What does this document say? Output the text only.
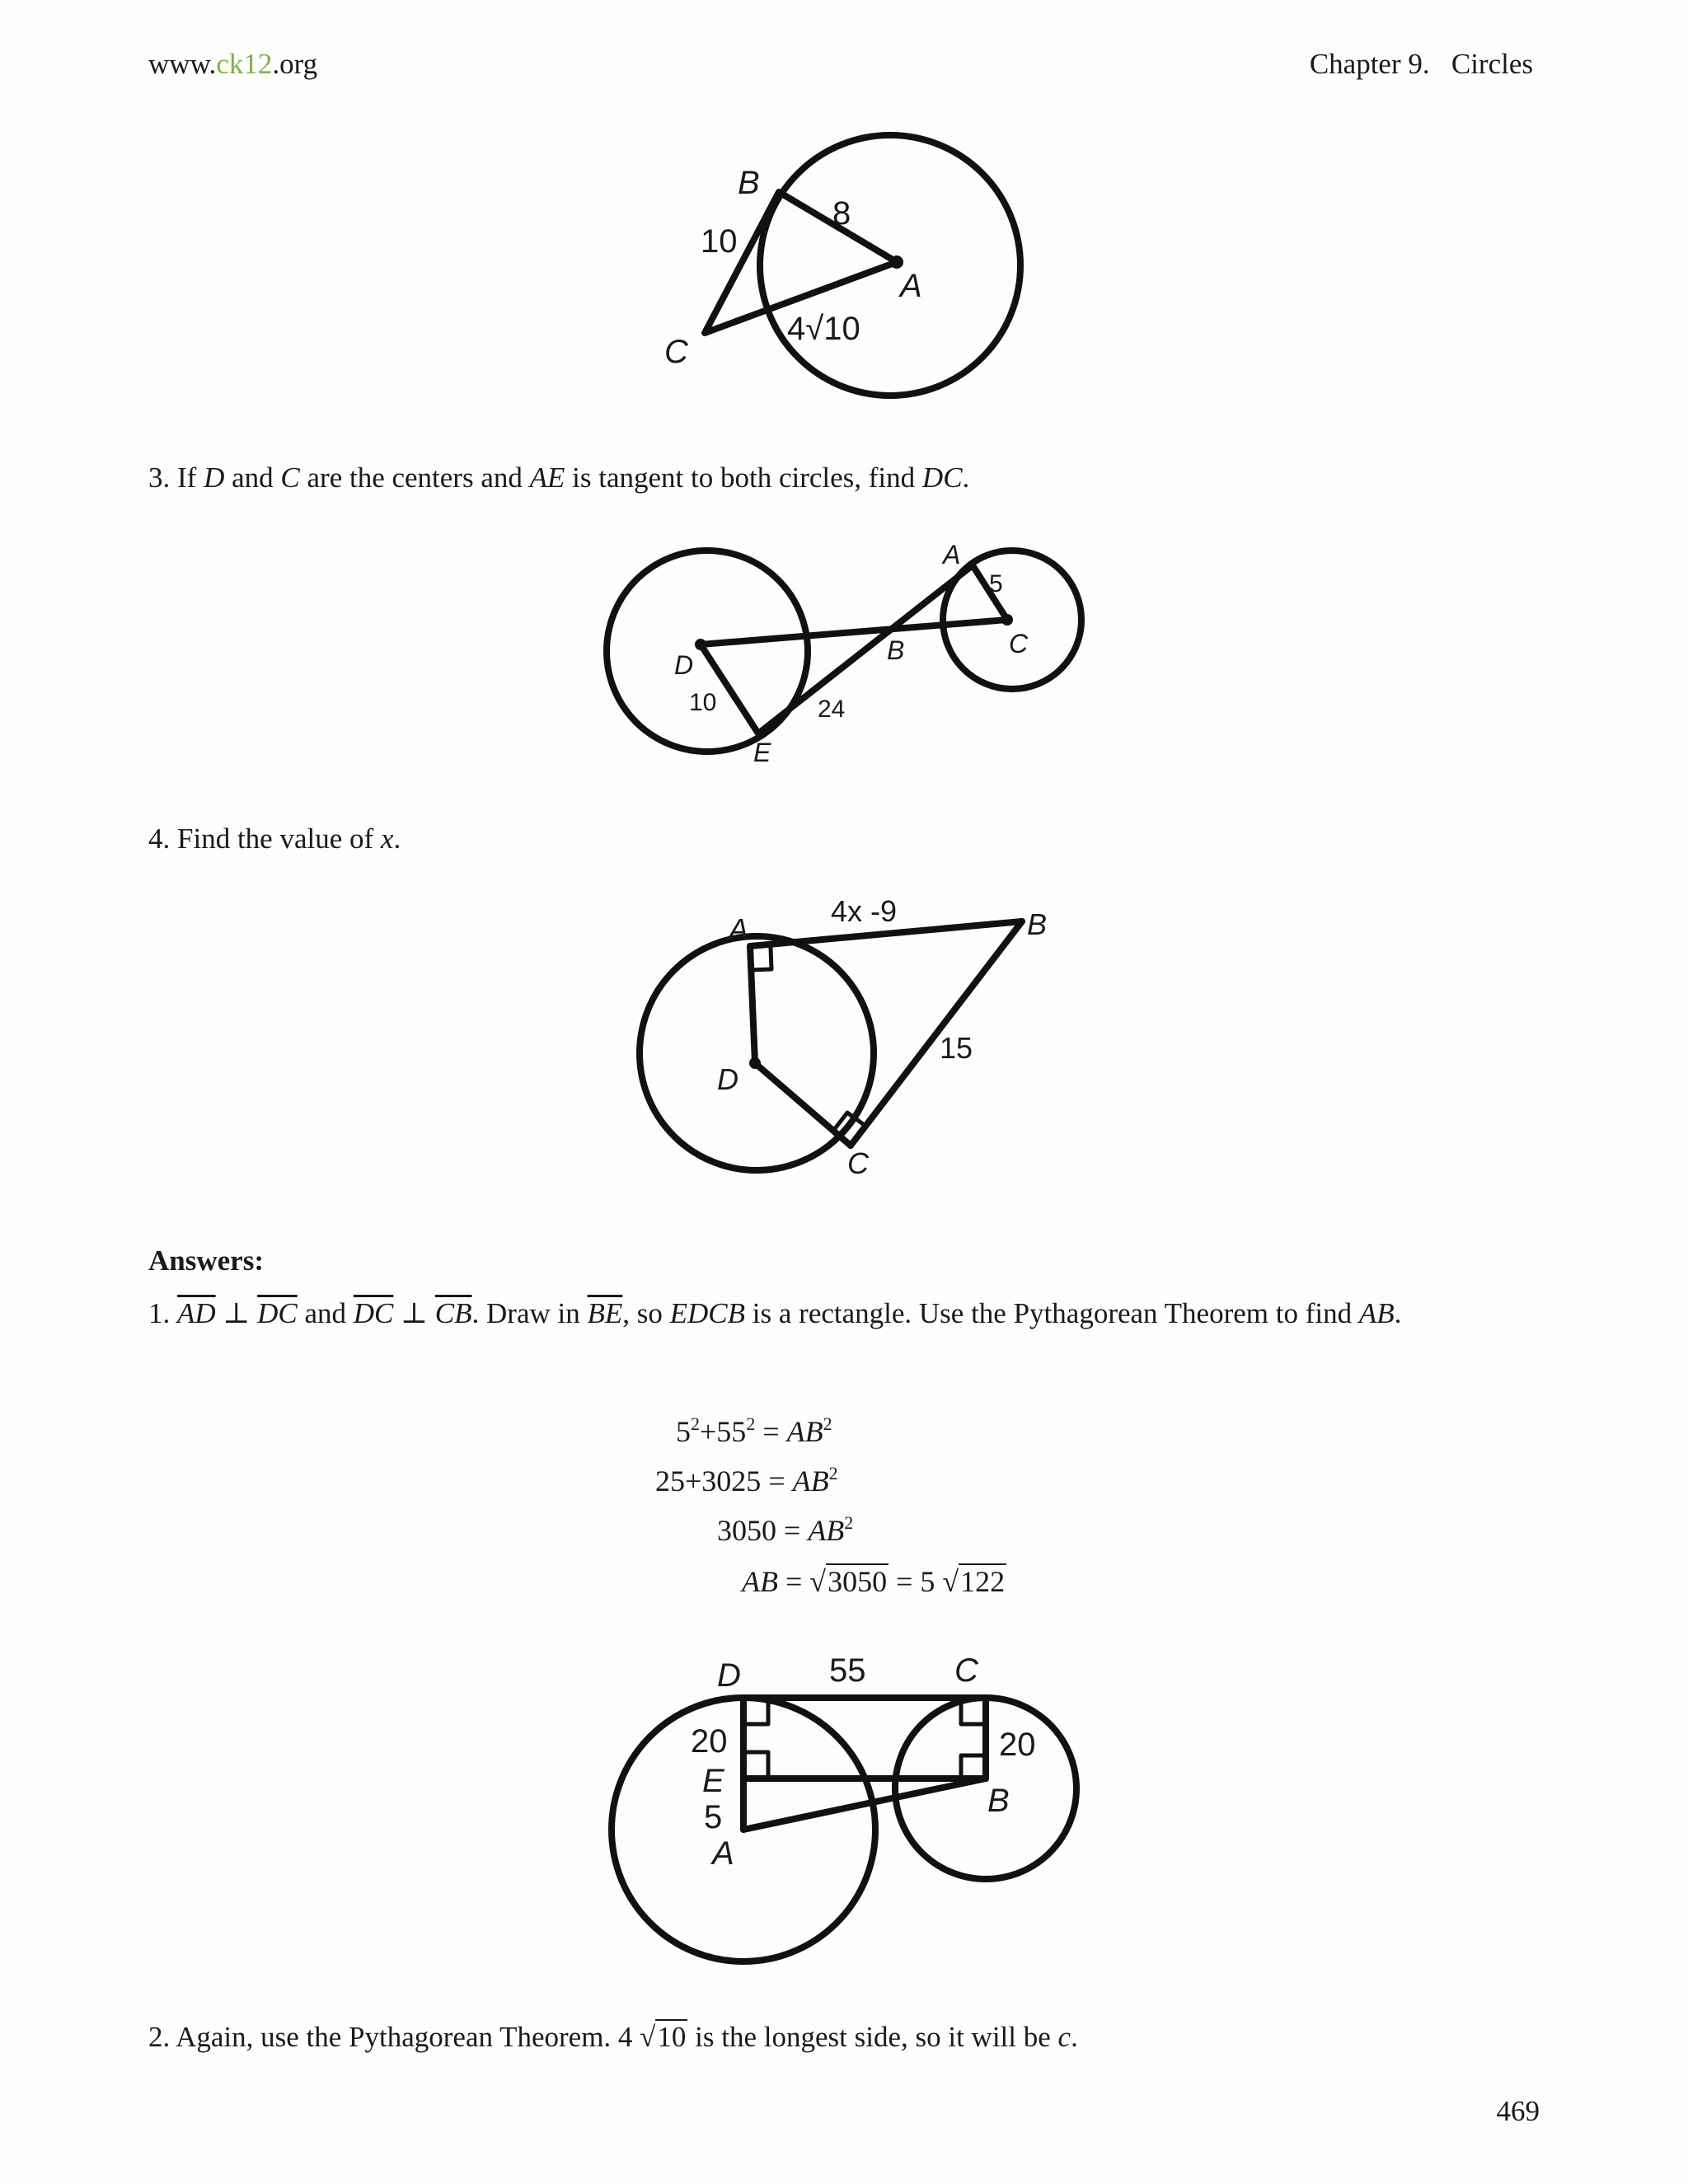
www.ck12.org	Chapter 9.   Circles
B
C
A
10
8
4√10
3. If D and C are the centers and AE is tangent to both circles, find DC.
A
5
C
D	B
10	24
E
4. Find the value of x.
A
4x -9	B
15
D
C
Answers:
1. $\overline{AD}$ ⊥ $\overline{DC}$ and $\overline{DC}$ ⊥ $\overline{CB}$. Draw in $\overline{BE}$, so EDCB is a rectangle. Use the Pythagorean Theorem to find AB.
$5^2+55^2 = AB^2$
$25+3025 = AB^2$
$3050 = AB^2$
AB = √3050 = 5 √122
D	55	C
20
E
5
A
20
B
2. Again, use the Pythagorean Theorem. 4 √10 is the longest side, so it will be c.
469
